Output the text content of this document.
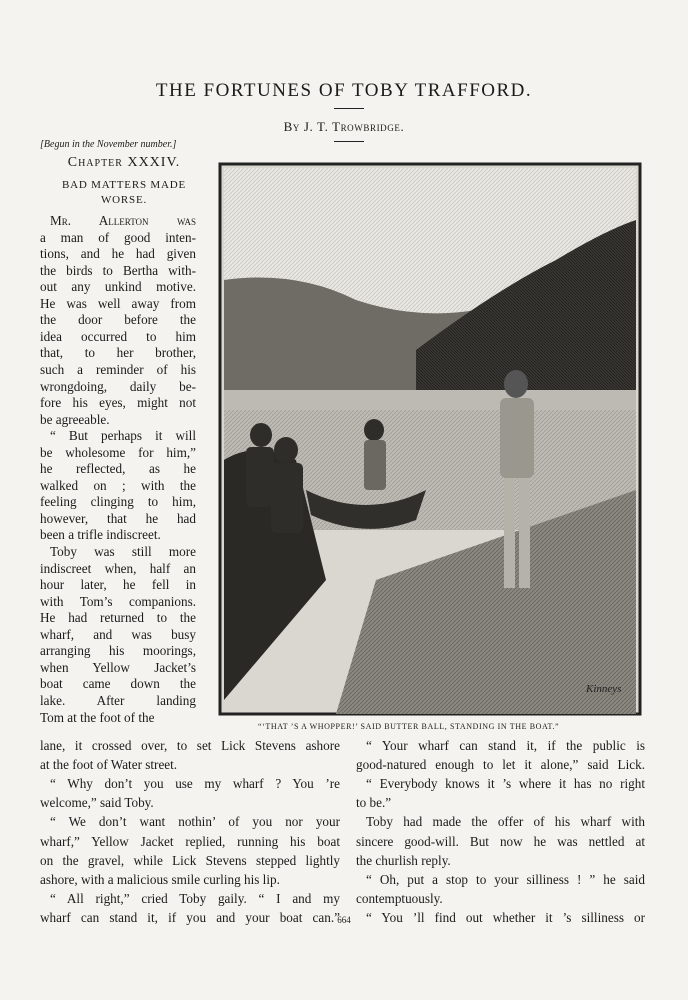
THE FORTUNES OF TOBY TRAFFORD.
By J. T. Trowbridge.
[Begun in the November number.]
Chapter XXXIV.
BAD MATTERS MADE
WORSE.
Mr. Allerton was
a man of good inten-
tions, and he had given
the birds to Bertha with-
out any unkind motive.
He was well away from
the door before the
idea occurred to him
that, to her brother,
such a reminder of his
wrongdoing, daily be-
fore his eyes, might not
be agreeable.
“ But perhaps it will
be wholesome for him,”
he reflected, as he
walked on ; with the
feeling clinging to him,
however, that he had
been a trifle indiscreet.
Toby was still more
indiscreet when, half an
hour later, he fell in
with Tom’s companions.
He had returned to the
wharf, and was busy
arranging his moorings,
when Yellow Jacket’s
boat came down the
lake. After landing
Tom at the foot of the
lane, it crossed over, to set Lick Stevens ashore
at the foot of Water street.
“ Why don’t you use my wharf ? You ’re
welcome,” said Toby.
“ We don’t want nothin’ of you nor your
wharf,” Yellow Jacket replied, running his boat
on the gravel, while Lick Stevens stepped lightly
ashore, with a malicious smile curling his lip.
“ All right,” cried Toby gaily. “ I and my
wharf can stand it, if you and your boat can.”
“ Your wharf can stand it, if the public is
good-natured enough to let it alone,” said Lick.
“ Everybody knows it ’s where it has no right
to be.”
Toby had made the offer of his wharf with
sincere good-will. But now he was nettled at
the churlish reply.
“ Oh, put a stop to your silliness ! ” he said
contemptuously.
“ You ’ll find out whether it ’s silliness or
Kinneys
“‘THAT ’S A WHOPPER!’ SAID BUTTER BALL, STANDING IN THE BOAT.”
664
